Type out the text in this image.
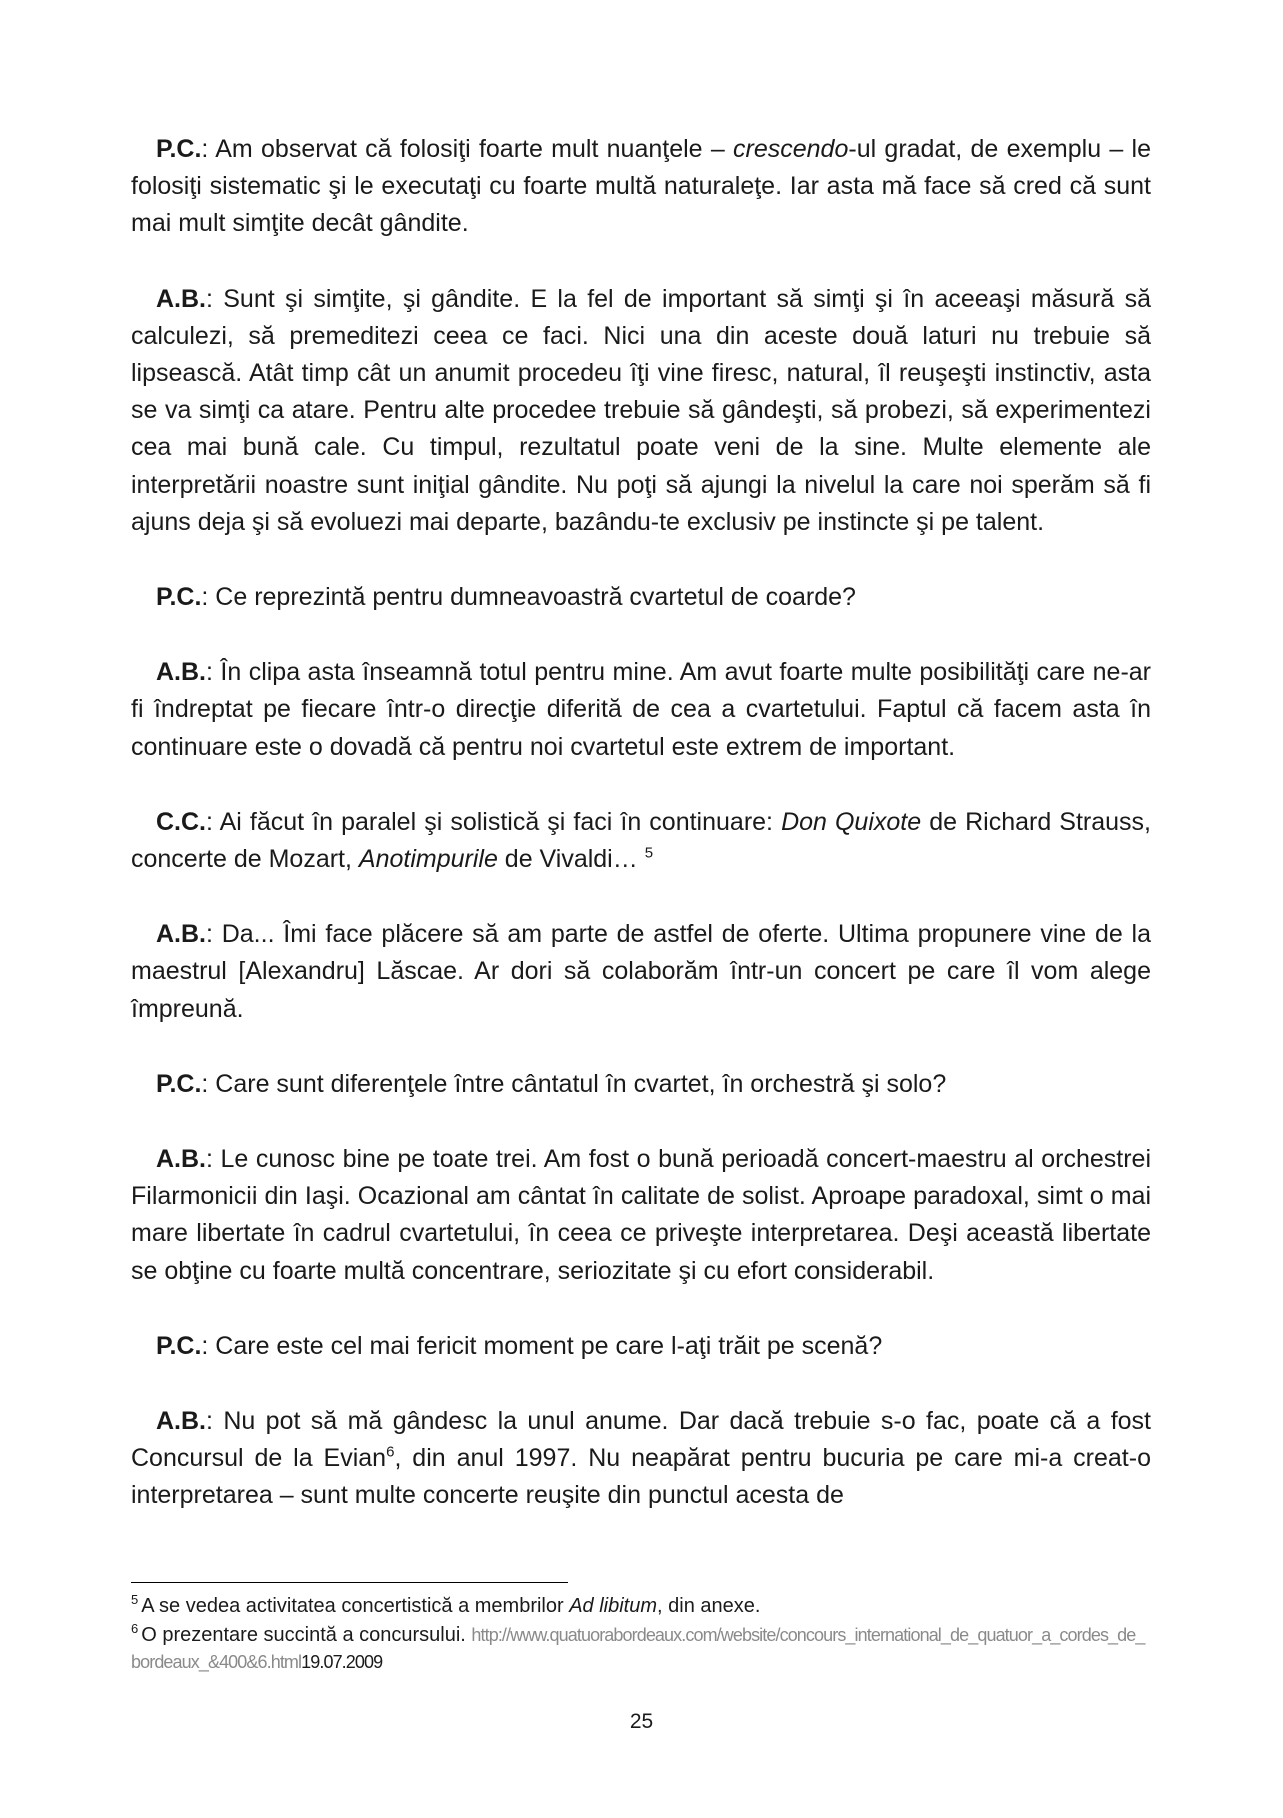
P.C.: Am observat că folosiţi foarte mult nuanţele – crescendo-ul gradat, de exemplu – le folosiţi sistematic şi le executaţi cu foarte multă naturaleţe. Iar asta mă face să cred că sunt mai mult simţite decât gândite.

A.B.: Sunt şi simţite, şi gândite. E la fel de important să simţi şi în aceeaşi măsură să calculezi, să premeditezi ceea ce faci. Nici una din aceste două laturi nu trebuie să lipsească. Atât timp cât un anumit procedeu îţi vine firesc, natural, îl reuşeşti instinctiv, asta se va simţi ca atare. Pentru alte procedee trebuie să gândeşti, să probezi, să experimentezi cea mai bună cale. Cu timpul, rezultatul poate veni de la sine. Multe elemente ale interpretării noastre sunt iniţial gândite. Nu poţi să ajungi la nivelul la care noi sperăm să fi ajuns deja şi să evoluezi mai departe, bazându-te exclusiv pe instincte şi pe talent.

P.C.: Ce reprezintă pentru dumneavoastră cvartetul de coarde?

A.B.: În clipa asta înseamnă totul pentru mine. Am avut foarte multe posibilităţi care ne-ar fi îndreptat pe fiecare într-o direcţie diferită de cea a cvartetului. Faptul că facem asta în continuare este o dovadă că pentru noi cvartetul este extrem de important.

C.C.: Ai făcut în paralel şi solistică şi faci în continuare: Don Quixote de Richard Strauss, concerte de Mozart, Anotimpurile de Vivaldi… $^5$

A.B.: Da... Îmi face plăcere să am parte de astfel de oferte. Ultima propunere vine de la maestrul [Alexandru] Lăscae. Ar dori să colaborăm într-un concert pe care îl vom alege împreună.

P.C.: Care sunt diferenţele între cântatul în cvartet, în orchestră şi solo?

A.B.: Le cunosc bine pe toate trei. Am fost o bună perioadă concert-maestru al orchestrei Filarmonicii din Iaşi. Ocazional am cântat în calitate de solist. Aproape paradoxal, simt o mai mare libertate în cadrul cvartetului, în ceea ce priveşte interpretarea. Deşi această libertate se obţine cu foarte multă concentrare, seriozitate şi cu efort considerabil.

P.C.: Care este cel mai fericit moment pe care l-aţi trăit pe scenă?

A.B.: Nu pot să mă gândesc la unul anume. Dar dacă trebuie s-o fac, poate că a fost Concursul de la Evian$^6$, din anul 1997. Nu neapărat pentru bucuria pe care mi-a creat-o interpretarea – sunt multe concerte reuşite din punctul acesta de

$^5$ A se vedea activitatea concertistică a membrilor Ad libitum, din anexe.

$^6$ O prezentare succintă a concursului. http://www.quatuorabordeaux.com/website/concours_international_de_quatuor_a_cordes_de_bordeaux_&400&6.html19.07.2009

25
